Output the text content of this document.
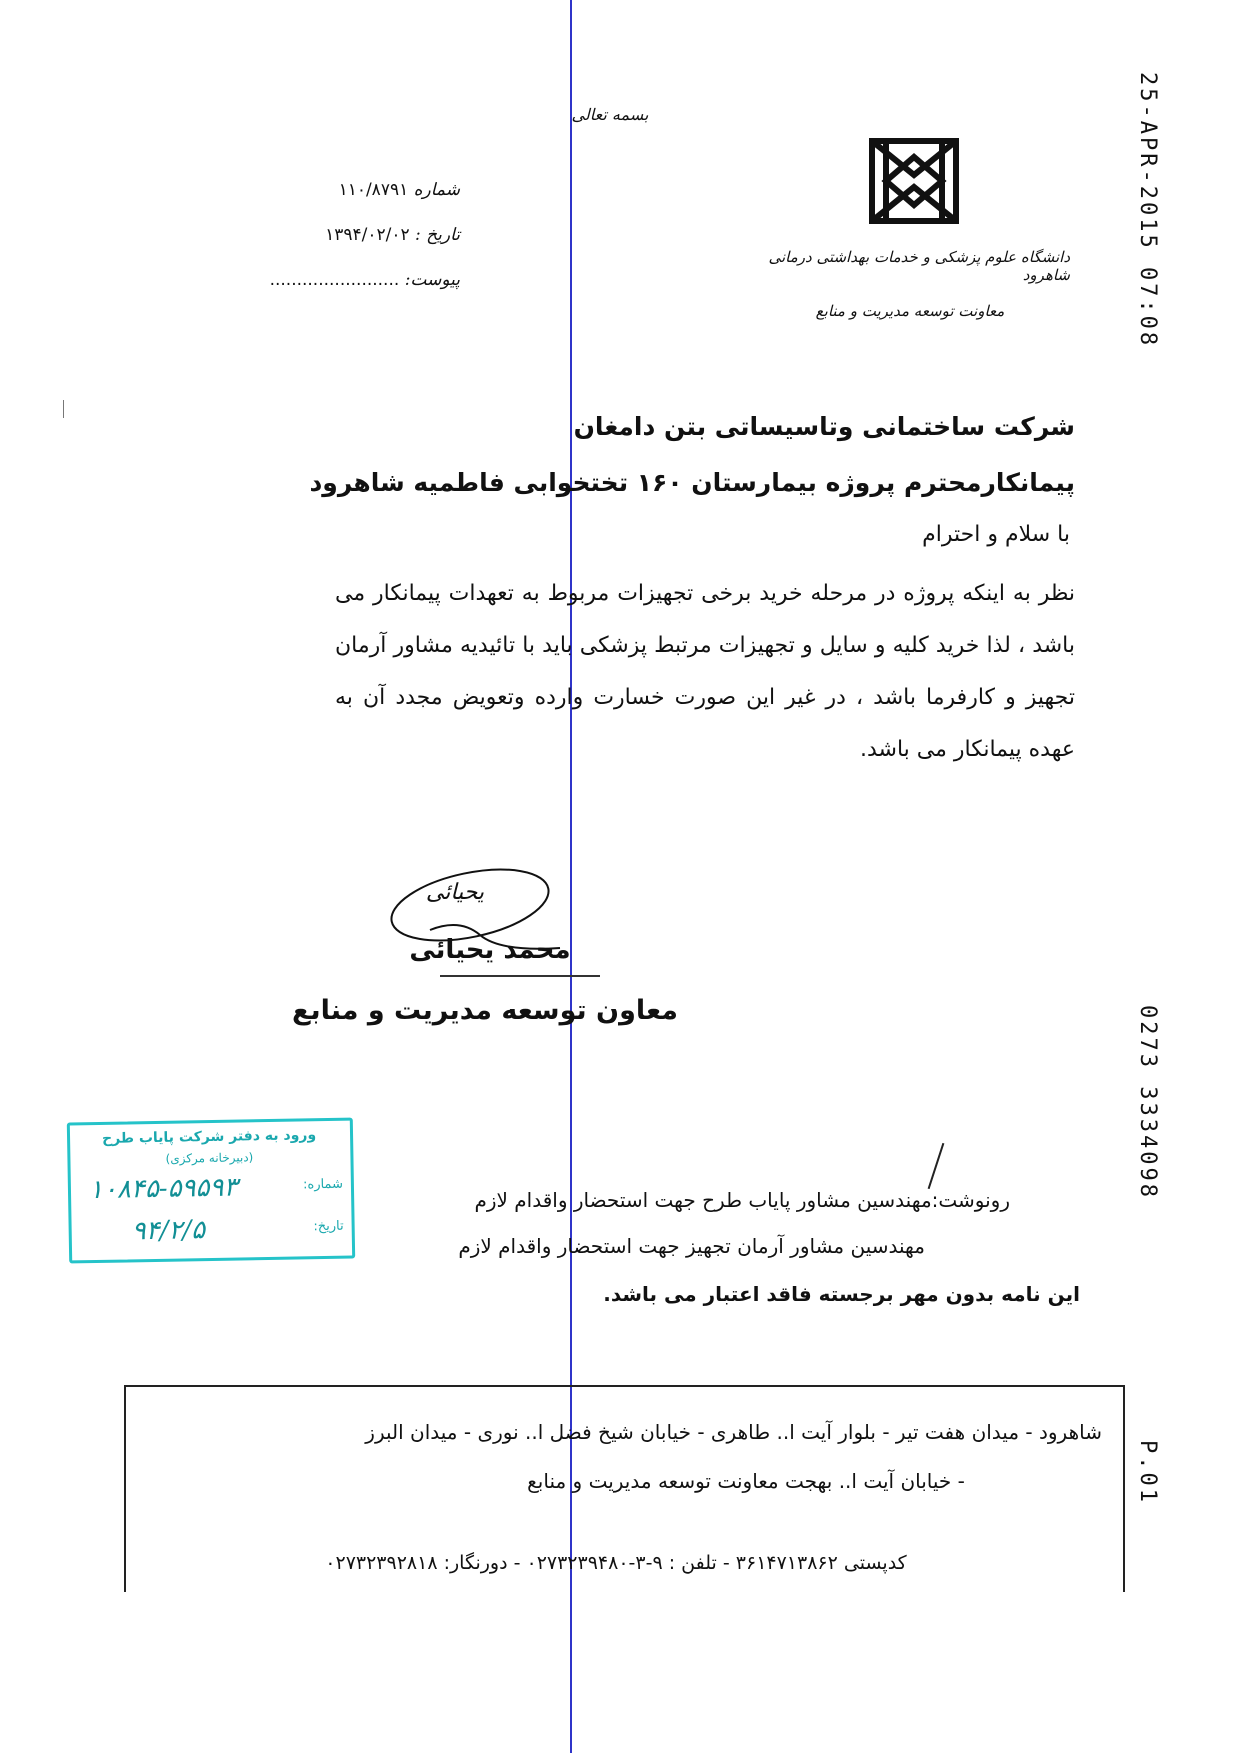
25-APR-2015 07:08
0273 3334098
P.01
بسمه تعالی
دانشگاه علوم پزشکی و خدمات بهداشتی درمانی شاهرود
معاونت توسعه مدیریت و منابع
شماره ۱۱۰/۸۷۹۱
تاریخ : ۱۳۹۴/۰۲/۰۲
پیوست: ........................
شرکت ساختمانی وتاسیساتی بتن دامغان
پیمانکارمحترم پروژه بیمارستان ۱۶۰ تختخوابی فاطمیه شاهرود
با سلام و احترام
نظر به اینکه پروژه در مرحله خرید برخی تجهیزات مربوط به تعهدات پیمانکار می باشد ، لذا خرید کلیه و سایل و تجهیزات مرتبط پزشکی باید با تائیدیه مشاور آرمان تجهیز و کارفرما باشد ، در غیر این صورت خسارت وارده وتعویض مجدد آن به عهده پیمانکار می باشد.
یحیائی
محمد یحیائی
معاون توسعه مدیریت و منابع
ورود به دفتر شرکت پایاب طرح
(دبیرخانه مرکزی)
شماره:
۱۰۸۴۵-۵۹۵۹۳
تاریخ:
۹۴/۲/۵
رونوشت:مهندسین مشاور پایاب طرح جهت استحضار واقدام لازم
مهندسین مشاور آرمان تجهیز جهت استحضار واقدام لازم
این نامه بدون مهر برجسته فاقد اعتبار می باشد.
شاهرود - میدان هفت تیر - بلوار آیت ا.. طاهری - خیابان شیخ فضل ا.. نوری - میدان البرز
- خیابان آیت ا.. بهجت معاونت توسعه مدیریت و منابع
کدپستی ۳۶۱۴۷۱۳۸۶۲ - تلفن : ۹-۳-۰۲۷۳۲۳۹۴۸۰ - دورنگار: ۰۲۷۳۲۳۹۲۸۱۸
